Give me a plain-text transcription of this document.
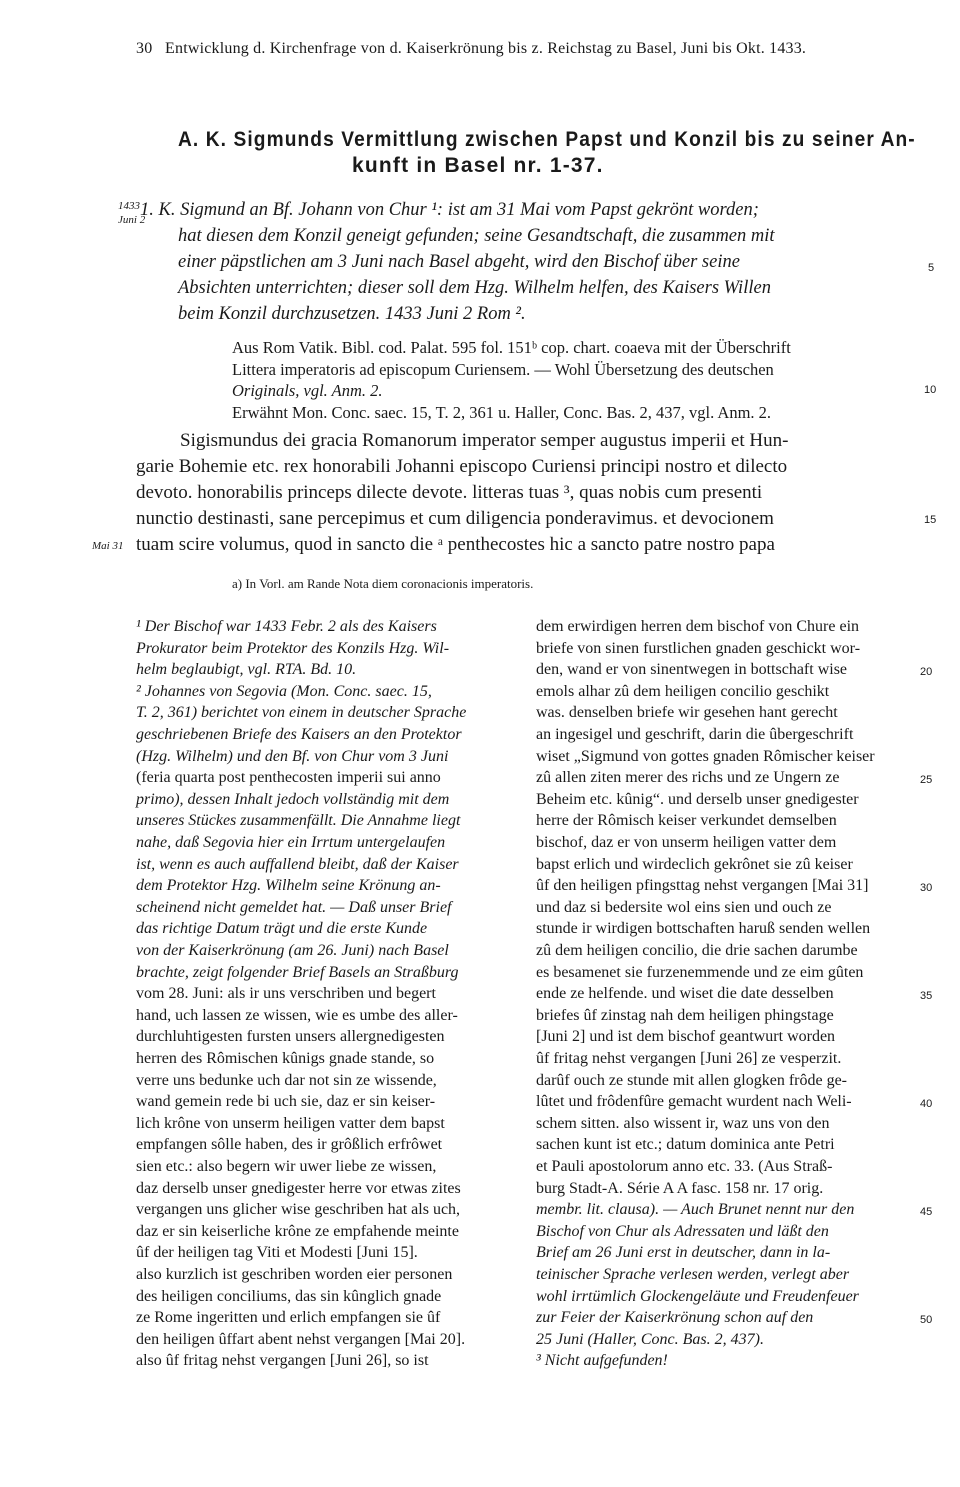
30 Entwicklung d. Kirchenfrage von d. Kaiserkrönung bis z. Reichstag zu Basel, Juni bis Okt. 1433.
A. K. Sigmunds Vermittlung zwischen Papst und Konzil bis zu seiner An-
kunft in Basel nr. 1-37.
1433
Juni 2
1. K. Sigmund an Bf. Johann von Chur ¹: ist am 31 Mai vom Papst gekrönt worden;
hat diesen dem Konzil geneigt gefunden; seine Gesandtschaft, die zusammen mit
einer päpstlichen am 3 Juni nach Basel abgeht, wird den Bischof über seine
Absichten unterrichten; dieser soll dem Hzg. Wilhelm helfen, des Kaisers Willen
beim Konzil durchzusetzen. 1433 Juni 2 Rom ².
Aus Rom Vatik. Bibl. cod. Palat. 595 fol. 151ᵇ cop. chart. coaeva mit der Überschrift
Littera imperatoris ad episcopum Curiensem. — Wohl Übersetzung des deutschen
Originals, vgl. Anm. 2.
Erwähnt Mon. Conc. saec. 15, T. 2, 361 u. Haller, Conc. Bas. 2, 437, vgl. Anm. 2.
Sigismundus dei gracia Romanorum imperator semper augustus imperii et Hun-
garie Bohemie etc. rex honorabili Johanni episcopo Curiensi principi nostro et dilecto
devoto. honorabilis princeps dilecte devote. litteras tuas ³, quas nobis cum presenti
nunctio destinasti, sane percepimus et cum diligencia ponderavimus. et devocionem
tuam scire volumus, quod in sancto die ᵃ penthecostes hic a sancto patre nostro papa
Mai 31
a) In Vorl. am Rande Nota diem coronacionis imperatoris.
5
10
15
20
25
30
35
40
45
50
¹ Der Bischof war 1433 Febr. 2 als des Kaisers
Prokurator beim Protektor des Konzils Hzg. Wil-
helm beglaubigt, vgl. RTA. Bd. 10.
² Johannes von Segovia (Mon. Conc. saec. 15,
T. 2, 361) berichtet von einem in deutscher Sprache
geschriebenen Briefe des Kaisers an den Protektor
(Hzg. Wilhelm) und den Bf. von Chur vom 3 Juni
(feria quarta post penthecosten imperii sui anno
primo), dessen Inhalt jedoch vollständig mit dem
unseres Stückes zusammenfällt. Die Annahme liegt
nahe, daß Segovia hier ein Irrtum untergelaufen
ist, wenn es auch auffallend bleibt, daß der Kaiser
dem Protektor Hzg. Wilhelm seine Krönung an-
scheinend nicht gemeldet hat. — Daß unser Brief
das richtige Datum trägt und die erste Kunde
von der Kaiserkrönung (am 26. Juni) nach Basel
brachte, zeigt folgender Brief Basels an Straßburg
vom 28. Juni: als ir uns verschriben und begert
hand, uch lassen ze wissen, wie es umbe des aller-
durchluhtigesten fursten unsers allergnedigesten
herren des Rômischen kûnigs gnade stande, so
verre uns bedunke uch dar not sin ze wissende,
wand gemein rede bi uch sie, daz er sin keiser-
lich krône von unserm heiligen vatter dem bapst
empfangen sôlle haben, des ir grôßlich erfrôwet
sien etc.: also begern wir uwer liebe ze wissen,
daz derselb unser gnedigester herre vor etwas zites
vergangen uns glicher wise geschriben hat als uch,
daz er sin keiserliche krône ze empfahende meinte
ûf der heiligen tag Viti et Modesti [Juni 15].
also kurzlich ist geschriben worden eier personen
des heiligen conciliums, das sin kûnglich gnade
ze Rome ingeritten und erlich empfangen sie ûf
den heiligen ûffart abent nehst vergangen [Mai 20].
also ûf fritag nehst vergangen [Juni 26], so ist
dem erwirdigen herren dem bischof von Chure ein
briefe von sinen furstlichen gnaden geschickt wor-
den, wand er von sinentwegen in bottschaft wise
emols alhar zû dem heiligen concilio geschikt
was. denselben briefe wir gesehen hant gerecht
an ingesigel und geschrift, darin die ûbergeschrift
wiset „Sigmund von gottes gnaden Rômischer keiser
zû allen ziten merer des richs und ze Ungern ze
Beheim etc. kûnig“. und derselb unser gnedigester
herre der Rômisch keiser verkundet demselben
bischof, daz er von unserm heiligen vatter dem
bapst erlich und wirdeclich gekrônet sie zû keiser
ûf den heiligen pfingsttag nehst vergangen [Mai 31]
und daz si bedersite wol eins sien und ouch ze
stunde ir wirdigen bottschaften haruß senden wellen
zû dem heiligen concilio, die drie sachen darumbe
es besamenet sie furzenemmende und ze eim gûten
ende ze helfende. und wiset die date desselben
briefes ûf zinstag nah dem heiligen phingstage
[Juni 2] und ist dem bischof geantwurt worden
ûf fritag nehst vergangen [Juni 26] ze vesperzit.
darûf ouch ze stunde mit allen glogken frôde ge-
lûtet und frôdenfûre gemacht wurdent nach Weli-
schem sitten. also wissent ir, waz uns von den
sachen kunt ist etc.; datum dominica ante Petri
et Pauli apostolorum anno etc. 33. (Aus Straß-
burg Stadt-A. Série A A fasc. 158 nr. 17 orig.
membr. lit. clausa). — Auch Brunet nennt nur den
Bischof von Chur als Adressaten und läßt den
Brief am 26 Juni erst in deutscher, dann in la-
teinischer Sprache verlesen werden, verlegt aber
wohl irrtümlich Glockengeläute und Freudenfeuer
zur Feier der Kaiserkrönung schon auf den
25 Juni (Haller, Conc. Bas. 2, 437).
³ Nicht aufgefunden!
